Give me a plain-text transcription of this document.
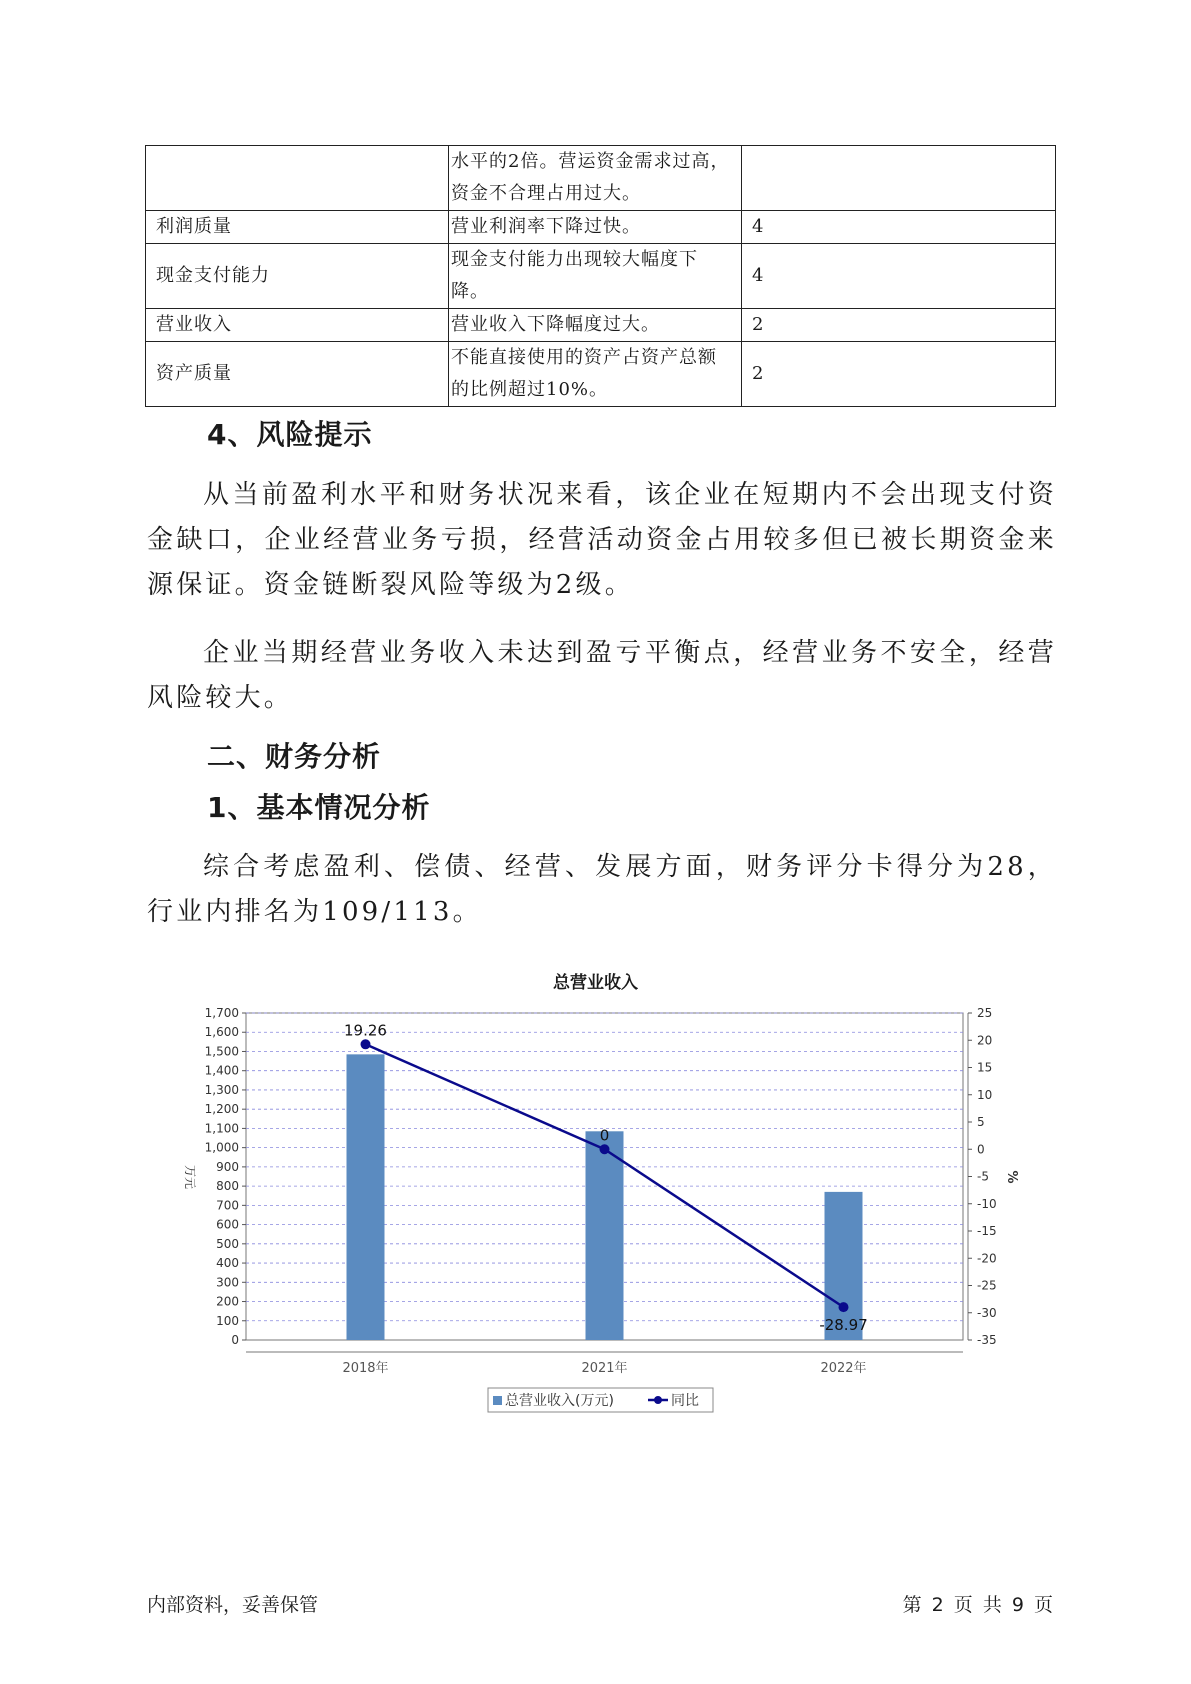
	水平的2倍。营运资金需求过高，资金不合理占用过大。	
利润质量	营业利润率下降过快。	4
现金支付能力	现金支付能力出现较大幅度下降。	4
营业收入	营业收入下降幅度过大。	2
资产质量	不能直接使用的资产占资产总额的比例超过10%。	2
4、风险提示

从当前盈利水平和财务状况来看，该企业在短期内不会出现支付资金缺口，企业经营业务亏损，经营活动资金占用较多但已被长期资金来源保证。资金链断裂风险等级为2级。

企业当期经营业务收入未达到盈亏平衡点，经营业务不安全，经营风险较大。

二、财务分析
1、基本情况分析

综合考虑盈利、偿债、经营、发展方面，财务评分卡得分为28，行业内排名为109/113。

总营业收入
0
100
200
300
400
500
600
700
800
900
1,000
1,100
1,200
1,300
1,400
1,500
1,600
1,700
-35
-30
-25
-20
-15
-10
-5
0
5
10
15
20
25
万元	%
2018年	2021年	2022年
19.26
0
-28.97
总营业收入(万元)	同比
内部资料，妥善保管	第 2 页 共 9 页
